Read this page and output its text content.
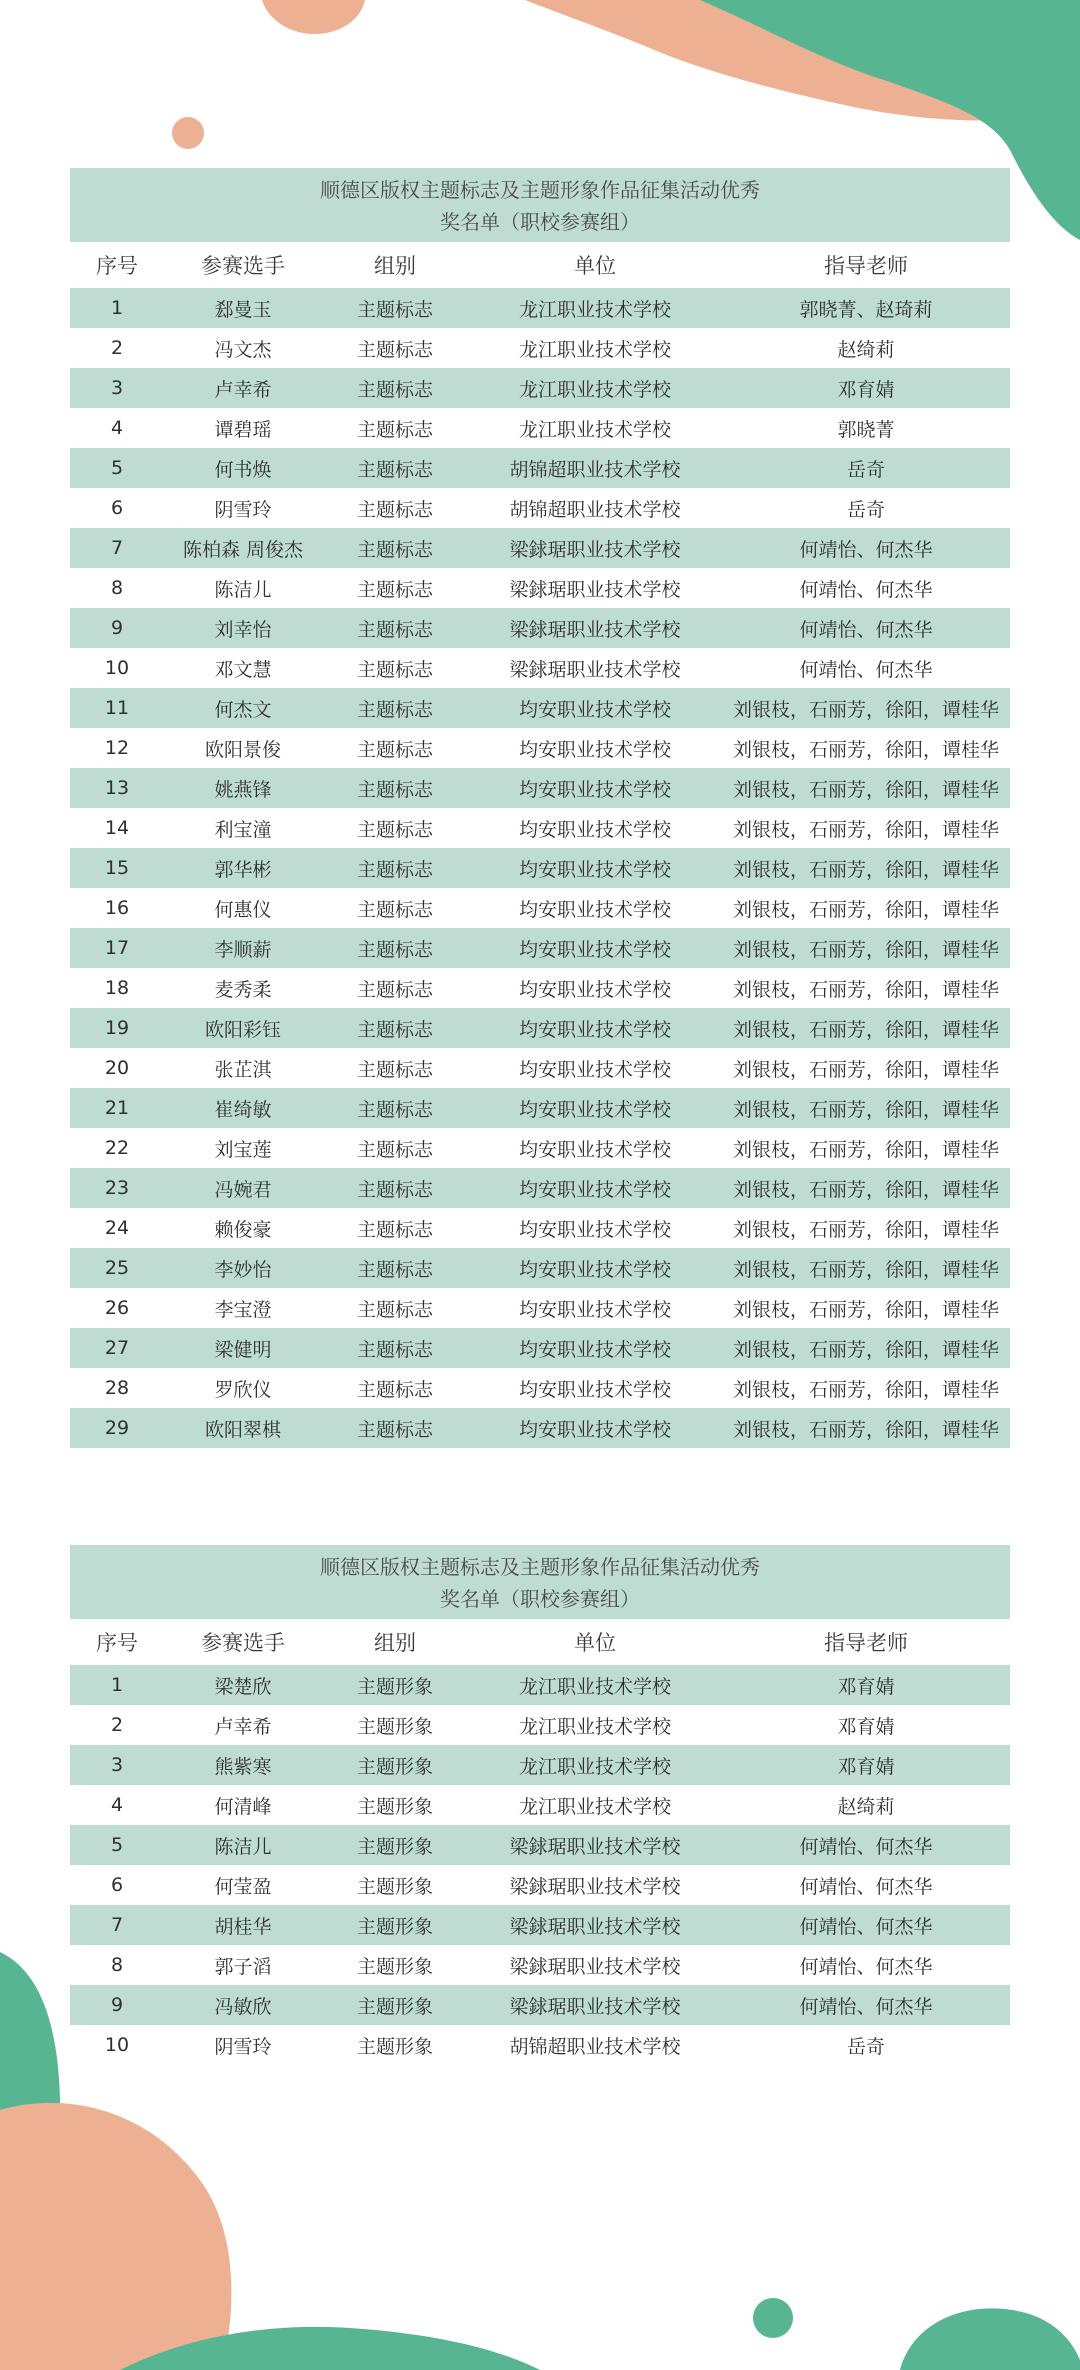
顺德区版权主题标志及主题形象作品征集活动优秀
奖名单（职校参赛组）
序号	参赛选手	组别	单位	指导老师
1	郄曼玉	主题标志	龙江职业技术学校	郭晓菁、赵琦莉
2	冯文杰	主题标志	龙江职业技术学校	赵绮莉
3	卢幸希	主题标志	龙江职业技术学校	邓育婧
4	谭碧瑶	主题标志	龙江职业技术学校	郭晓菁
5	何书焕	主题标志	胡锦超职业技术学校	岳奇
6	阴雪玲	主题标志	胡锦超职业技术学校	岳奇
7	陈柏森 周俊杰	主题标志	梁銶琚职业技术学校	何靖怡、何杰华
8	陈洁儿	主题标志	梁銶琚职业技术学校	何靖怡、何杰华
9	刘幸怡	主题标志	梁銶琚职业技术学校	何靖怡、何杰华
10	邓文慧	主题标志	梁銶琚职业技术学校	何靖怡、何杰华
11	何杰文	主题标志	均安职业技术学校	刘银枝，石丽芳，徐阳，谭桂华
12	欧阳景俊	主题标志	均安职业技术学校	刘银枝，石丽芳，徐阳，谭桂华
13	姚燕锋	主题标志	均安职业技术学校	刘银枝，石丽芳，徐阳，谭桂华
14	利宝潼	主题标志	均安职业技术学校	刘银枝，石丽芳，徐阳，谭桂华
15	郭华彬	主题标志	均安职业技术学校	刘银枝，石丽芳，徐阳，谭桂华
16	何惠仪	主题标志	均安职业技术学校	刘银枝，石丽芳，徐阳，谭桂华
17	李顺薪	主题标志	均安职业技术学校	刘银枝，石丽芳，徐阳，谭桂华
18	麦秀柔	主题标志	均安职业技术学校	刘银枝，石丽芳，徐阳，谭桂华
19	欧阳彩钰	主题标志	均安职业技术学校	刘银枝，石丽芳，徐阳，谭桂华
20	张芷淇	主题标志	均安职业技术学校	刘银枝，石丽芳，徐阳，谭桂华
21	崔绮敏	主题标志	均安职业技术学校	刘银枝，石丽芳，徐阳，谭桂华
22	刘宝莲	主题标志	均安职业技术学校	刘银枝，石丽芳，徐阳，谭桂华
23	冯婉君	主题标志	均安职业技术学校	刘银枝，石丽芳，徐阳，谭桂华
24	赖俊豪	主题标志	均安职业技术学校	刘银枝，石丽芳，徐阳，谭桂华
25	李妙怡	主题标志	均安职业技术学校	刘银枝，石丽芳，徐阳，谭桂华
26	李宝澄	主题标志	均安职业技术学校	刘银枝，石丽芳，徐阳，谭桂华
27	梁健明	主题标志	均安职业技术学校	刘银枝，石丽芳，徐阳，谭桂华
28	罗欣仪	主题标志	均安职业技术学校	刘银枝，石丽芳，徐阳，谭桂华
29	欧阳翠棋	主题标志	均安职业技术学校	刘银枝，石丽芳，徐阳，谭桂华
顺德区版权主题标志及主题形象作品征集活动优秀
奖名单（职校参赛组）
序号	参赛选手	组别	单位	指导老师
1	梁楚欣	主题形象	龙江职业技术学校	邓育婧
2	卢幸希	主题形象	龙江职业技术学校	邓育婧
3	熊紫寒	主题形象	龙江职业技术学校	邓育婧
4	何清峰	主题形象	龙江职业技术学校	赵绮莉
5	陈洁儿	主题形象	梁銶琚职业技术学校	何靖怡、何杰华
6	何莹盈	主题形象	梁銶琚职业技术学校	何靖怡、何杰华
7	胡桂华	主题形象	梁銶琚职业技术学校	何靖怡、何杰华
8	郭子滔	主题形象	梁銶琚职业技术学校	何靖怡、何杰华
9	冯敏欣	主题形象	梁銶琚职业技术学校	何靖怡、何杰华
10	阴雪玲	主题形象	胡锦超职业技术学校	岳奇
